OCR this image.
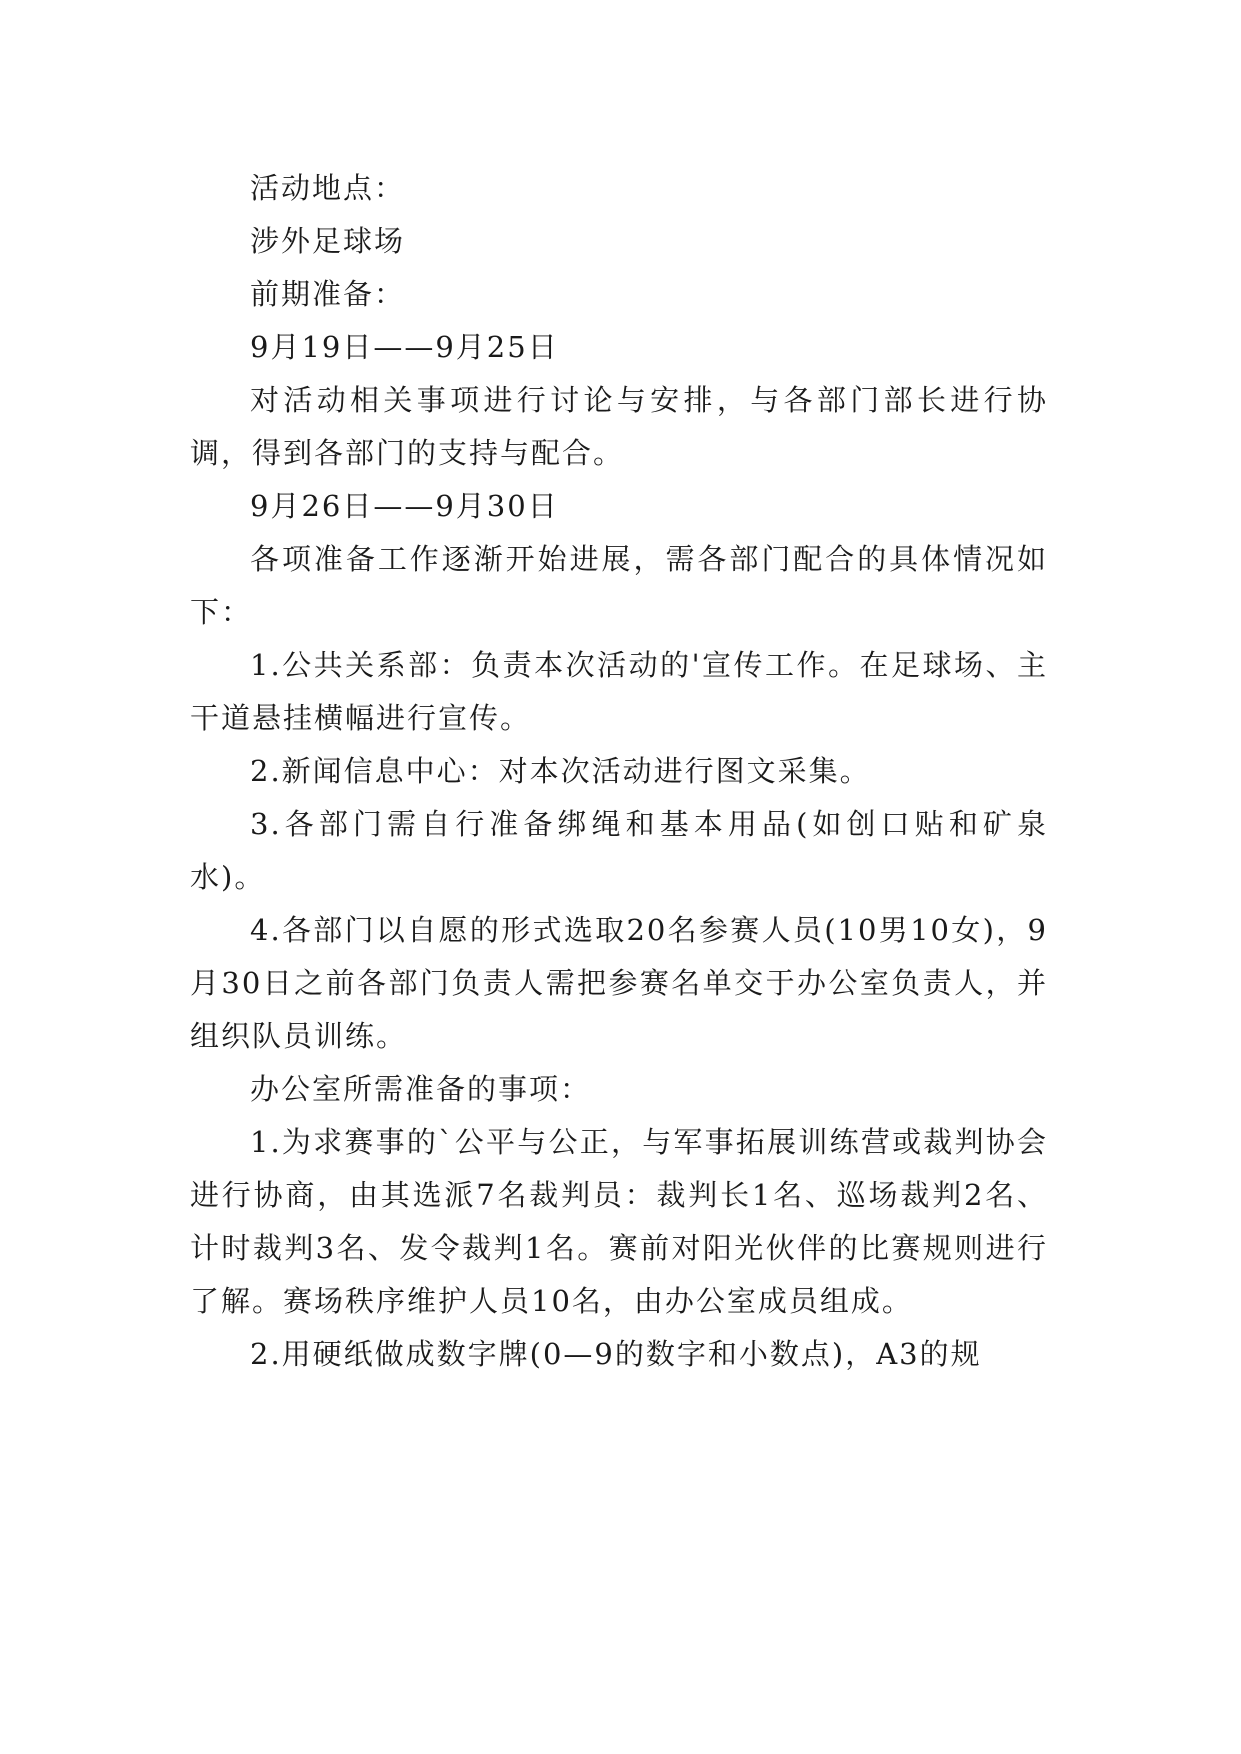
活动地点：

涉外足球场

前期准备：

9月19日——9月25日

对活动相关事项进行讨论与安排，与各部门部长进行协调，得到各部门的支持与配合。

9月26日——9月30日

各项准备工作逐渐开始进展，需各部门配合的具体情况如下：

1.公共关系部：负责本次活动的'宣传工作。在足球场、主干道悬挂横幅进行宣传。

2.新闻信息中心：对本次活动进行图文采集。

3.各部门需自行准备绑绳和基本用品(如创口贴和矿泉水)。

4.各部门以自愿的形式选取20名参赛人员(10男10女)，9月30日之前各部门负责人需把参赛名单交于办公室负责人，并组织队员训练。

办公室所需准备的事项：

1.为求赛事的`公平与公正，与军事拓展训练营或裁判协会进行协商，由其选派7名裁判员：裁判长1名、巡场裁判2名、计时裁判3名、发令裁判1名。赛前对阳光伙伴的比赛规则进行了解。赛场秩序维护人员10名，由办公室成员组成。

2.用硬纸做成数字牌(0—9的数字和小数点)，A3的规
